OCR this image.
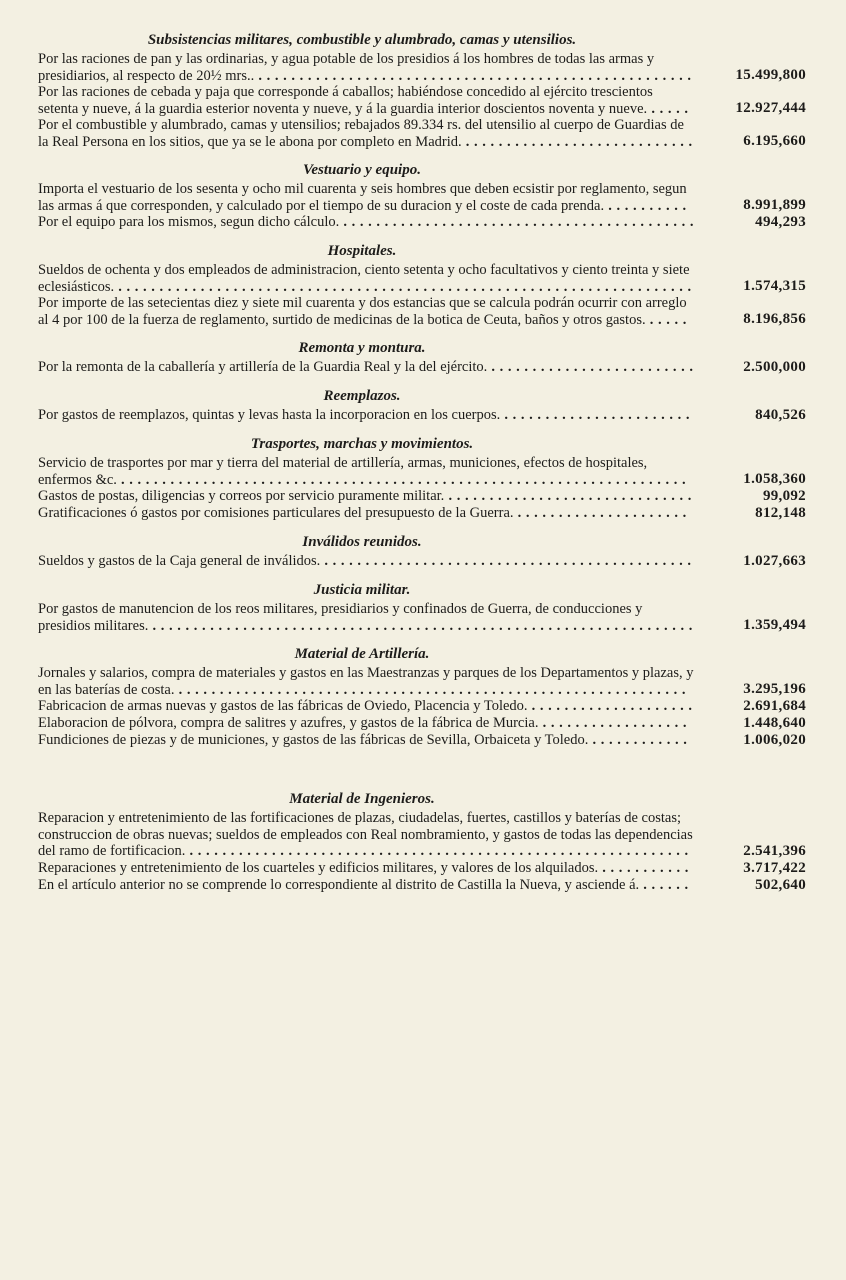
Subsistencias militares, combustible y alumbrado, camas y utensilios.
Por las raciones de pan y las ordinarias, y agua potable de los presidios á los hombres de todas las armas y presidiarios, al respecto de 20½ mrs.. . . .	15.499,800
Por las raciones de cebada y paja que corresponde á caballos; habiéndose concedido al ejército trescientos setenta y nueve, á la guardia esterior noventa y nueve, y á la guardia interior doscientos noventa y nueve. . . .	12.927,444
Por el combustible y alumbrado, camas y utensilios; rebajados 89.334 rs. del utensilio al cuerpo de Guardias de la Real Persona en los sitios, que ya se le abona por completo en Madrid. . . .	6.195,660
Vestuario y equipo.
Importa el vestuario de los sesenta y ocho mil cuarenta y seis hombres que deben ecsistir por reglamento, segun las armas á que corresponden, y calculado por el tiempo de su duracion y el coste de cada prenda. . . .	8.991,899
Por el equipo para los mismos, segun dicho cálculo. . . .	494,293
Hospitales.
Sueldos de ochenta y dos empleados de administracion, ciento setenta y ocho facultativos y ciento treinta y siete eclesiásticos. . . .	1.574,315
Por importe de las setecientas diez y siete mil cuarenta y dos estancias que se calcula podrán ocurrir con arreglo al 4 por 100 de la fuerza de reglamento, surtido de medicinas de la botica de Ceuta, baños y otros gastos. . . .	8.196,856
Remonta y montura.
Por la remonta de la caballería y artillería de la Guardia Real y la del ejército. . . .	2.500,000
Reemplazos.
Por gastos de reemplazos, quintas y levas hasta la incorporacion en los cuerpos. . . .	840,526
Trasportes, marchas y movimientos.
Servicio de trasportes por mar y tierra del material de artillería, armas, municiones, efectos de hospitales, enfermos &c. . . .	1.058,360
Gastos de postas, diligencias y correos por servicio puramente militar. . . .	99,092
Gratificaciones ó gastos por comisiones particulares del presupuesto de la Guerra. . . .	812,148
Inválidos reunidos.
Sueldos y gastos de la Caja general de inválidos. . . .	1.027,663
Justicia militar.
Por gastos de manutencion de los reos militares, presidiarios y confinados de Guerra, de conducciones y presidios militares. . . .	1.359,494
Material de Artillería.
Jornales y salarios, compra de materiales y gastos en las Maestranzas y parques de los Departamentos y plazas, y en las baterías de costa. . . .	3.295,196
Fabricacion de armas nuevas y gastos de las fábricas de Oviedo, Placencia y Toledo. . . .	2.691,684
Elaboracion de pólvora, compra de salitres y azufres, y gastos de la fábrica de Murcia. . . .	1.448,640
Fundiciones de piezas y de municiones, y gastos de las fábricas de Sevilla, Orbaiceta y Toledo. . . .	1.006,020
Material de Ingenieros.
Reparacion y entretenimiento de las fortificaciones de plazas, ciudadelas, fuertes, castillos y baterías de costas; construccion de obras nuevas; sueldos de empleados con Real nombramiento, y gastos de todas las dependencias del ramo de fortificacion. . . .	2.541,396
Reparaciones y entretenimiento de los cuarteles y edificios militares, y valores de los alquilados. . . .	3.717,422
En el artículo anterior no se comprende lo correspondiente al distrito de Castilla la Nueva, y asciende á. . . .	502,640
